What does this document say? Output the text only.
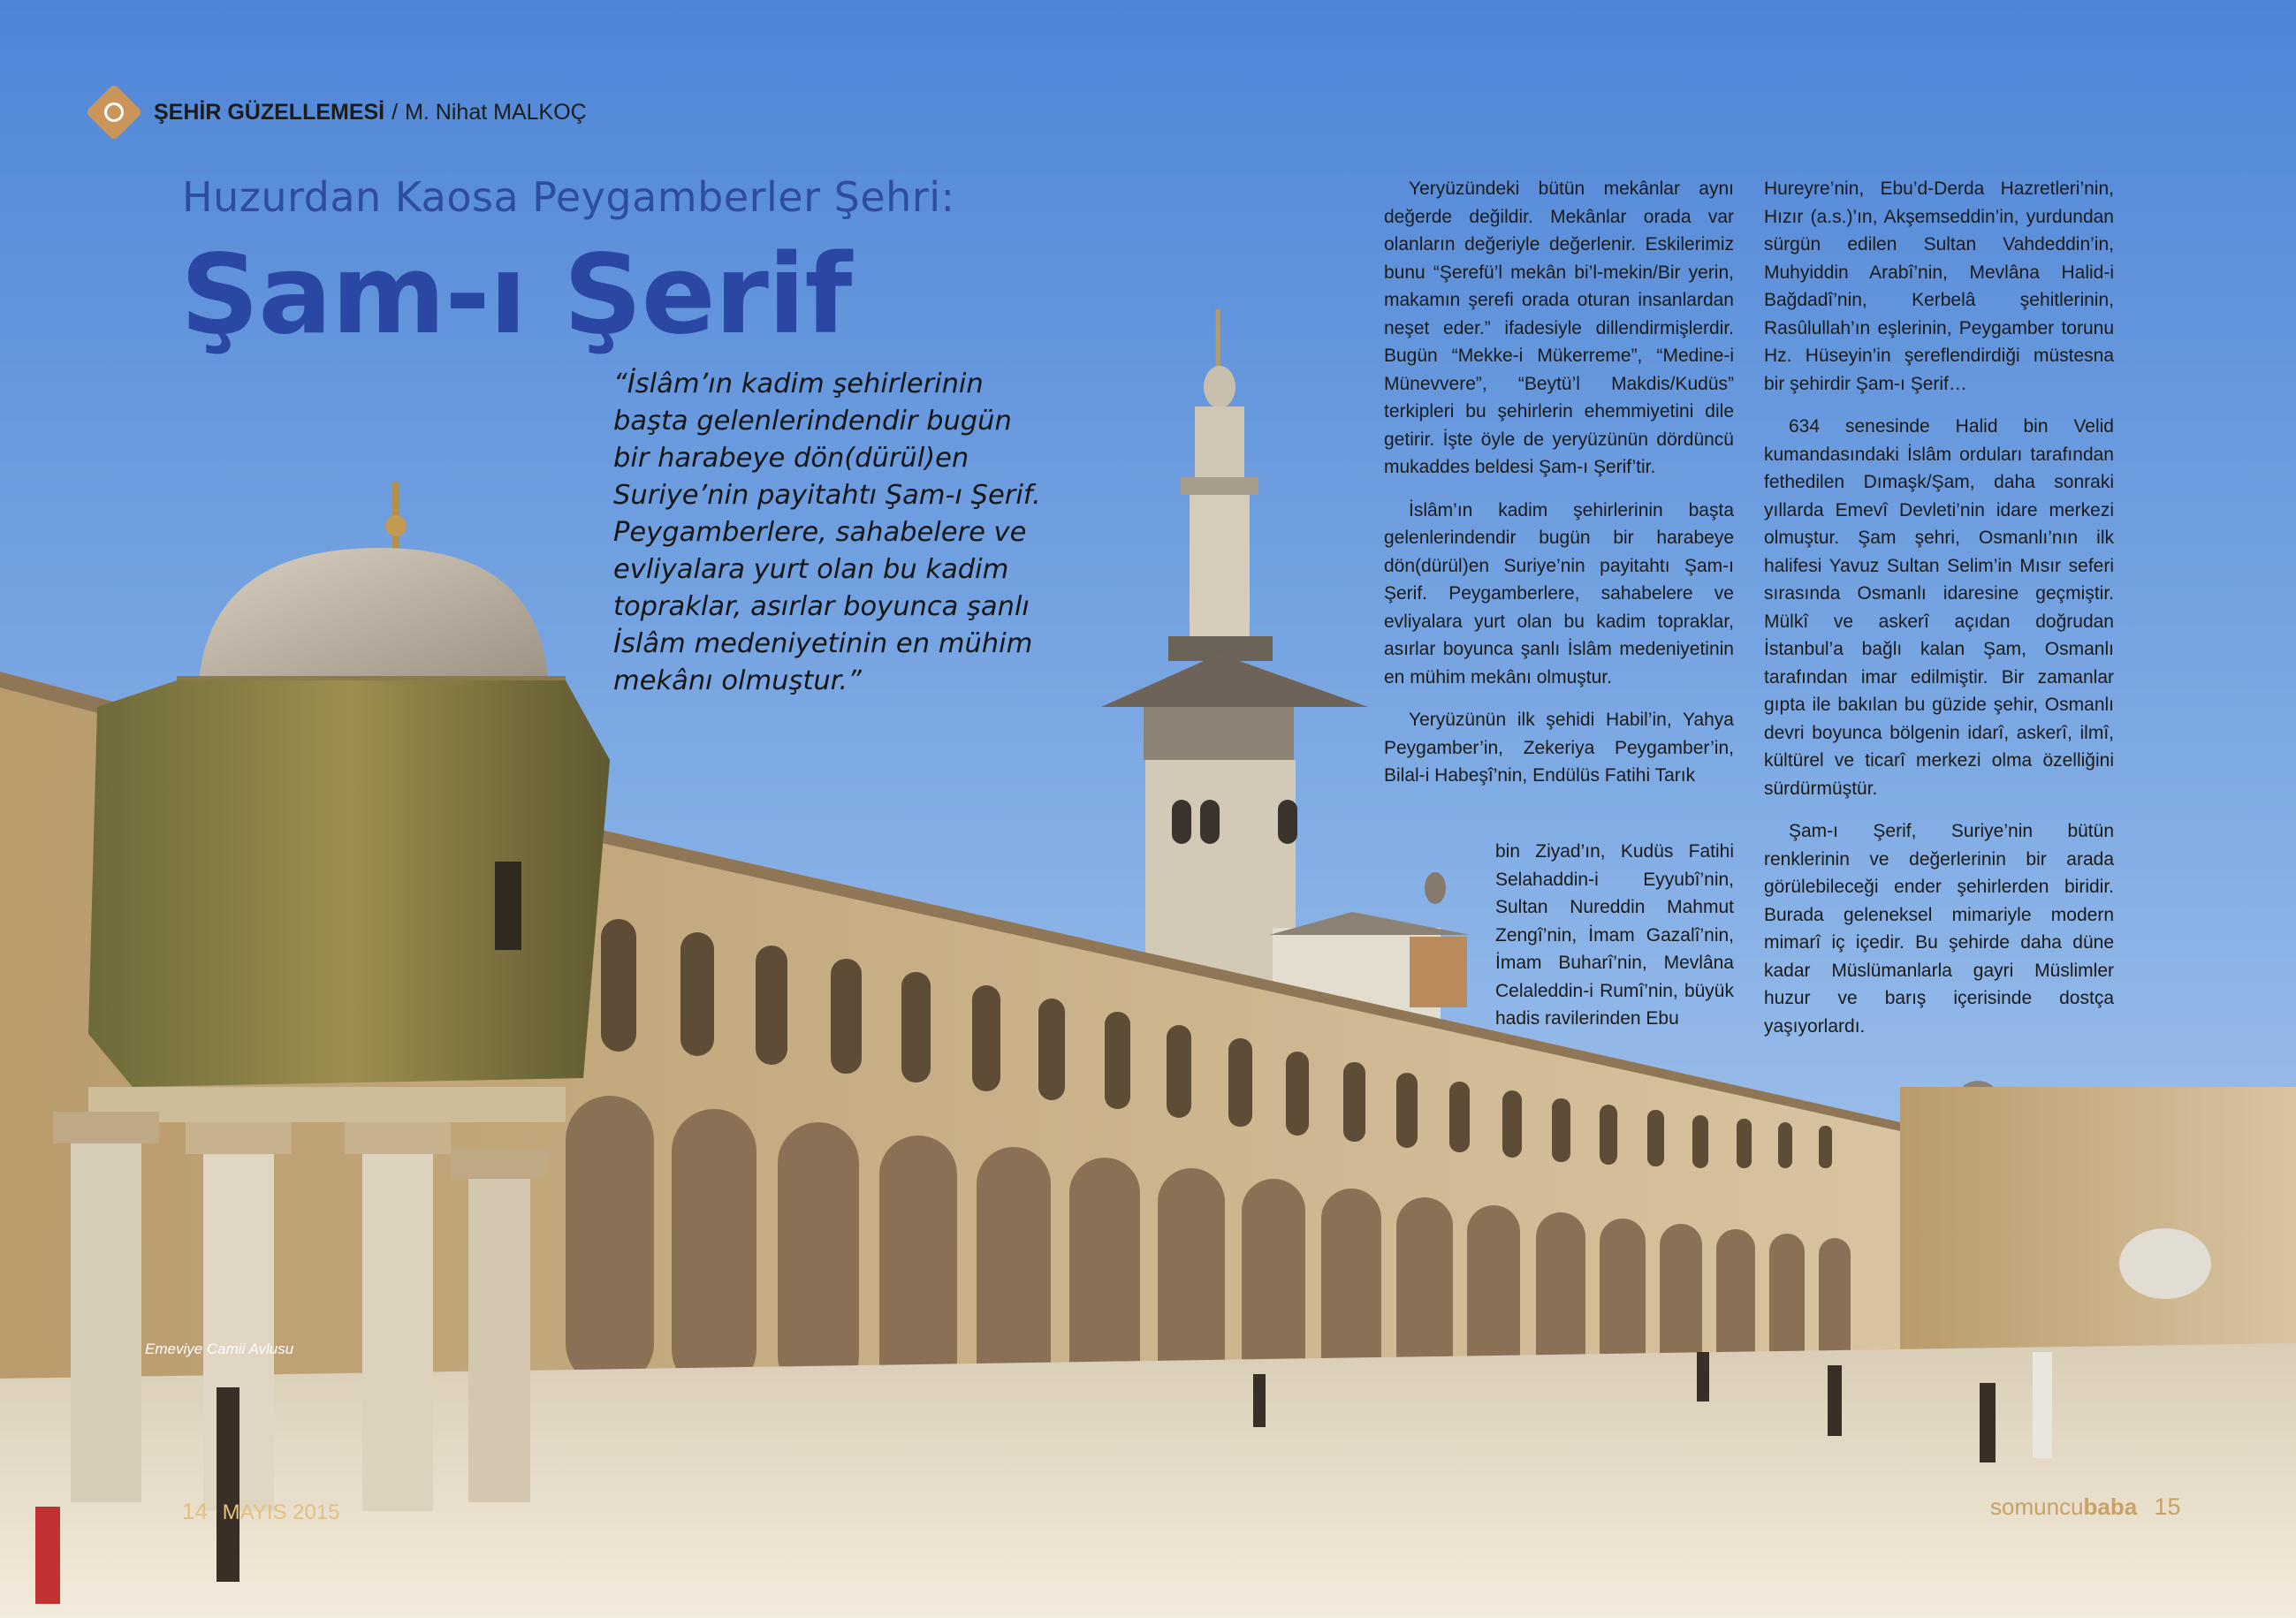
ŞEHİR GÜZELLEMESİ / M. Nihat MALKOÇ
Huzurdan Kaosa Peygamberler Şehri:
Şam-ı Şerif
“İslâm’ın kadim şehirlerinin başta gelenlerindendir bugün bir harabeye dön(dürül)en Suriye’nin payitahtı Şam-ı Şerif. Peygamberlere, sahabelere ve evliyalara yurt olan bu kadim topraklar, asırlar boyunca şanlı İslâm medeniyetinin en mühim mekânı olmuştur.”

Yeryüzündeki bütün mekânlar aynı değerde değildir. Mekânlar orada var olanların değeriyle değerlenir. Eskilerimiz bunu “Şerefü’l mekân bi’l-mekin/Bir yerin, makamın şerefi orada oturan insanlardan neşet eder.” ifadesiyle dillendirmişlerdir. Bugün “Mekke-i Mükerreme”, “Medine-i Münevvere”, “Beytü’l Makdis/Kudüs” terkipleri bu şehirlerin ehemmiyetini dile getirir. İşte öyle de yeryüzünün dördüncü mukaddes beldesi Şam-ı Şerif’tir.

İslâm’ın kadim şehirlerinin başta gelenlerindendir bugün bir harabeye dön(dürül)en Suriye’nin payitahtı Şam-ı Şerif. Peygamberlere, sahabelere ve evliyalara yurt olan bu kadim topraklar, asırlar boyunca şanlı İslâm medeniyetinin en mühim mekânı olmuştur.

Yeryüzünün ilk şehidi Habil’in, Yahya Peygamber’in, Zekeriya Peygamber’in, Bilal-i Habeşî’nin, Endülüs Fatihi Tarık

bin Ziyad’ın, Kudüs Fatihi Selahaddin-i Eyyubî’nin, Sultan Nureddin Mahmut Zengî’nin, İmam Gazalî’nin, İmam Buharî’nin, Mevlâna Celaleddin-i Rumî’nin, büyük hadis ravilerinden Ebu

Hureyre’nin, Ebu’d-Derda Hazretleri’nin, Hızır (a.s.)’ın, Akşemseddin’in, yurdundan sürgün edilen Sultan Vahdeddin’in, Muhyiddin Arabî’nin, Mevlâna Halid-i Bağdadî’nin, Kerbelâ şehitlerinin, Rasûlullah’ın eşlerinin, Peygamber torunu Hz. Hüseyin’in şereflendirdiği müstesna bir şehirdir Şam-ı Şerif…

634 senesinde Halid bin Velid kumandasındaki İslâm orduları tarafından fethedilen Dımaşk/Şam, daha sonraki yıllarda Emevî Devleti’nin idare merkezi olmuştur. Şam şehri, Osmanlı’nın ilk halifesi Yavuz Sultan Selim’in Mısır seferi sırasında Osmanlı idaresine geçmiştir. Mülkî ve askerî açıdan doğrudan İstanbul’a bağlı kalan Şam, Osmanlı tarafından imar edilmiştir. Bir zamanlar gıpta ile bakılan bu güzide şehir, Osmanlı devri boyunca bölgenin idarî, askerî, ilmî, kültürel ve ticarî merkezi olma özelliğini sürdürmüştür.

Şam-ı Şerif, Suriye’nin bütün renklerinin ve değerlerinin bir arada görülebileceği ender şehirlerden biridir. Burada geleneksel mimariyle modern mimarî iç içedir. Bu şehirde daha düne kadar Müslümanlarla gayri Müslimler huzur ve barış içerisinde dostça yaşıyorlardı.

Emeviye Camii Avlusu
14 MAYIS 2015	somuncubaba 15
